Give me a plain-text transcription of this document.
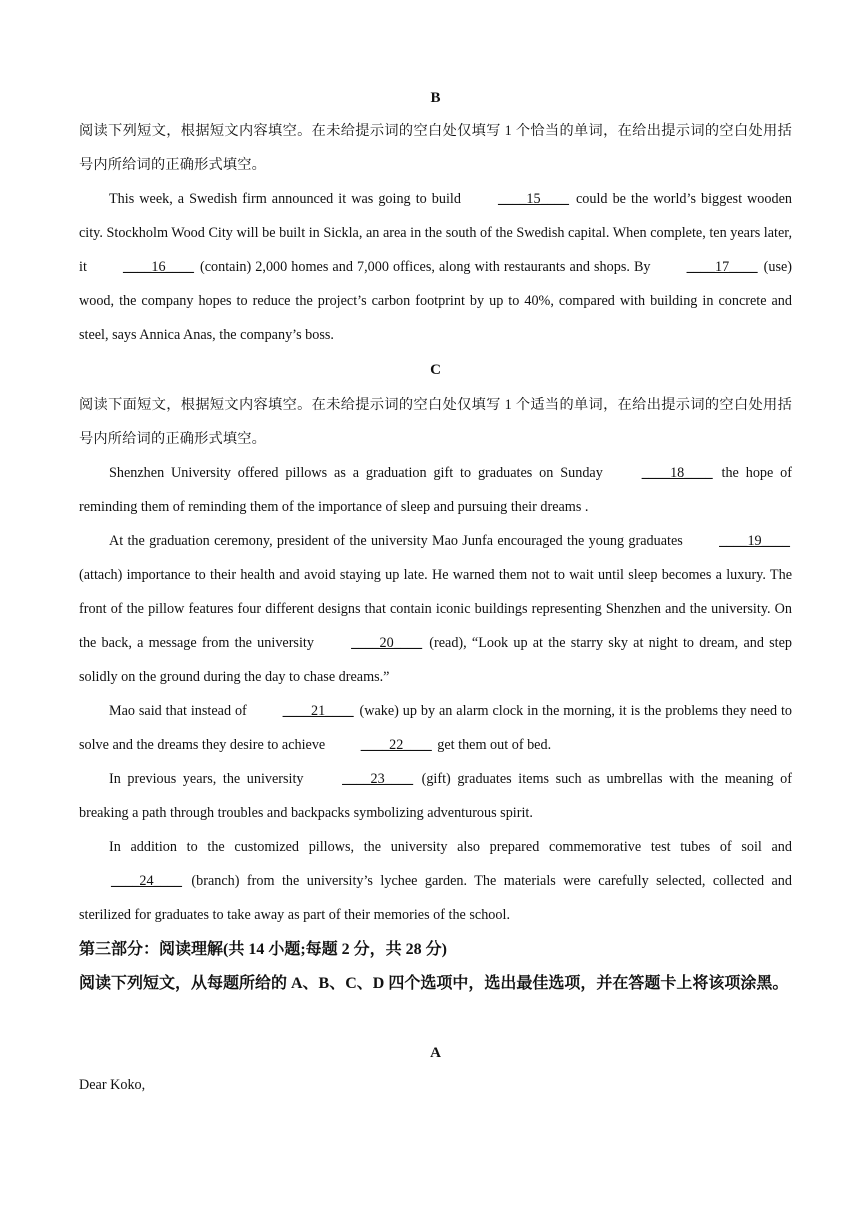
B

阅读下列短文，根据短文内容填空。在未给提示词的空白处仅填写 1 个恰当的单词，在给出提示词的空白处用括号内所给词的正确形式填空。

This week, a Swedish firm announced it was going to build ____15____ could be the world’s biggest wooden city. Stockholm Wood City will be built in Sickla, an area in the south of the Swedish capital. When complete, ten years later, it ____16____ (contain) 2,000 homes and 7,000 offices, along with restaurants and shops. By ____17____ (use) wood, the company hopes to reduce the project’s carbon footprint by up to 40%, compared with building in concrete and steel, says Annica Anas, the company’s boss.

C

阅读下面短文，根据短文内容填空。在未给提示词的空白处仅填写 1 个适当的单词，在给出提示词的空白处用括号内所给词的正确形式填空。

Shenzhen University offered pillows as a graduation gift to graduates on Sunday ____18____ the hope of reminding them of reminding them of the importance of sleep and pursuing their dreams .

At the graduation ceremony, president of the university Mao Junfa encouraged the young graduates ____19____ (attach) importance to their health and avoid staying up late. He warned them not to wait until sleep becomes a luxury. The front of the pillow features four different designs that contain iconic buildings representing Shenzhen and the university. On the back, a message from the university ____20____ (read), “Look up at the starry sky at night to dream, and step solidly on the ground during the day to chase dreams.”

Mao said that instead of ____21____ (wake) up by an alarm clock in the morning, it is the problems they need to solve and the dreams they desire to achieve ____22____ get them out of bed.

In previous years, the university ____23____ (gift) graduates items such as umbrellas with the meaning of breaking a path through troubles and backpacks symbolizing adventurous spirit.

In addition to the customized pillows, the university also prepared commemorative test tubes of soil and ____24____ (branch) from the university’s lychee garden. The materials were carefully selected, collected and sterilized for graduates to take away as part of their memories of the school.

第三部分：阅读理解(共 14 小题;每题 2 分，共 28 分)

阅读下列短文，从每题所给的 A、B、C、D 四个选项中，选出最佳选项，并在答题卡上将该项涂黑。

A

Dear Koko,
